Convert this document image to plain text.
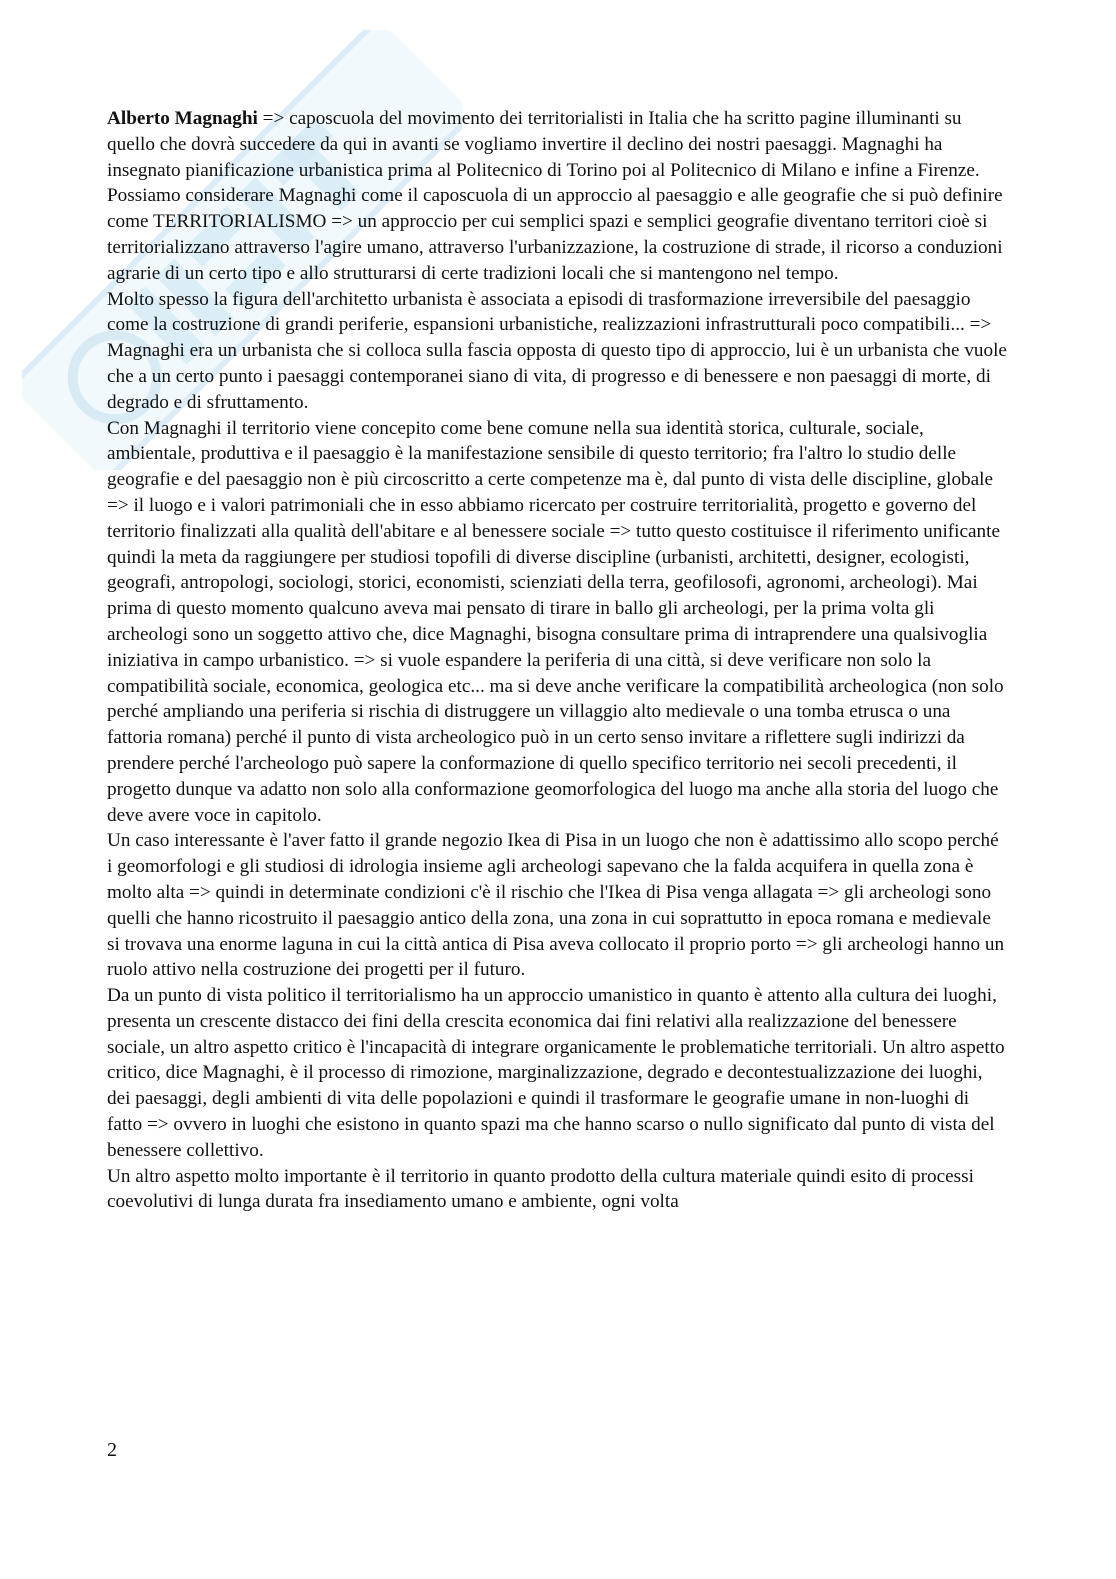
Alberto Magnaghi => caposcuola del movimento dei territorialisti in Italia che ha scritto pagine illuminanti su quello che dovrà succedere da qui in avanti se vogliamo invertire il declino dei nostri paesaggi. Magnaghi ha insegnato pianificazione urbanistica prima al Politecnico di Torino poi al Politecnico di Milano e infine a Firenze.

Possiamo considerare Magnaghi come il caposcuola di un approccio al paesaggio e alle geografie che si può definire come TERRITORIALISMO => un approccio per cui semplici spazi e semplici geografie diventano territori cioè si territorializzano attraverso l'agire umano, attraverso l'urbanizzazione, la costruzione di strade, il ricorso a conduzioni agrarie di un certo tipo e allo strutturarsi di certe tradizioni locali che si mantengono nel tempo.

Molto spesso la figura dell'architetto urbanista è associata a episodi di trasformazione irreversibile del paesaggio come la costruzione di grandi periferie, espansioni urbanistiche, realizzazioni infrastrutturali poco compatibili... => Magnaghi era un urbanista che si colloca sulla fascia opposta di questo tipo di approccio, lui è un urbanista che vuole che a un certo punto i paesaggi contemporanei siano di vita, di progresso e di benessere e non paesaggi di morte, di degrado e di sfruttamento.

Con Magnaghi il territorio viene concepito come bene comune nella sua identità storica, culturale, sociale, ambientale, produttiva e il paesaggio è la manifestazione sensibile di questo territorio; fra l'altro lo studio delle geografie e del paesaggio non è più circoscritto a certe competenze ma è, dal punto di vista delle discipline, globale => il luogo e i valori patrimoniali che in esso abbiamo ricercato per costruire territorialità, progetto e governo del territorio finalizzati alla qualità dell'abitare e al benessere sociale => tutto questo costituisce il riferimento unificante quindi la meta da raggiungere per studiosi topofili di diverse discipline (urbanisti, architetti, designer, ecologisti, geografi, antropologi, sociologi, storici, economisti, scienziati della terra, geofilosofi, agronomi, archeologi). Mai prima di questo momento qualcuno aveva mai pensato di tirare in ballo gli archeologi, per la prima volta gli archeologi sono un soggetto attivo che, dice Magnaghi, bisogna consultare prima di intraprendere una qualsivoglia iniziativa in campo urbanistico. => si vuole espandere la periferia di una città, si deve verificare non solo la compatibilità sociale, economica, geologica etc... ma si deve anche verificare la compatibilità archeologica (non solo perché ampliando una periferia si rischia di distruggere un villaggio alto medievale o una tomba etrusca o una fattoria romana) perché il punto di vista archeologico può in un certo senso invitare a riflettere sugli indirizzi da prendere perché l'archeologo può sapere la conformazione di quello specifico territorio nei secoli precedenti, il progetto dunque va adatto non solo alla conformazione geomorfologica del luogo ma anche alla storia del luogo che deve avere voce in capitolo.

Un caso interessante è l'aver fatto il grande negozio Ikea di Pisa in un luogo che non è adattissimo allo scopo perché i geomorfologi e gli studiosi di idrologia insieme agli archeologi sapevano che la falda acquifera in quella zona è molto alta => quindi in determinate condizioni c'è il rischio che l'Ikea di Pisa venga allagata => gli archeologi sono quelli che hanno ricostruito il paesaggio antico della zona, una zona in cui soprattutto in epoca romana e medievale si trovava una enorme laguna in cui la città antica di Pisa aveva collocato il proprio porto => gli archeologi hanno un ruolo attivo nella costruzione dei progetti per il futuro.

Da un punto di vista politico il territorialismo ha un approccio umanistico in quanto è attento alla cultura dei luoghi, presenta un crescente distacco dei fini della crescita economica dai fini relativi alla realizzazione del benessere sociale, un altro aspetto critico è l'incapacità di integrare organicamente le problematiche territoriali. Un altro aspetto critico, dice Magnaghi, è il processo di rimozione, marginalizzazione, degrado e decontestualizzazione dei luoghi, dei paesaggi, degli ambienti di vita delle popolazioni e quindi il trasformare le geografie umane in non-luoghi di fatto => ovvero in luoghi che esistono in quanto spazi ma che hanno scarso o nullo significato dal punto di vista del benessere collettivo.

Un altro aspetto molto importante è il territorio in quanto prodotto della cultura materiale quindi esito di processi coevolutivi di lunga durata fra insediamento umano e ambiente, ogni volta

2
